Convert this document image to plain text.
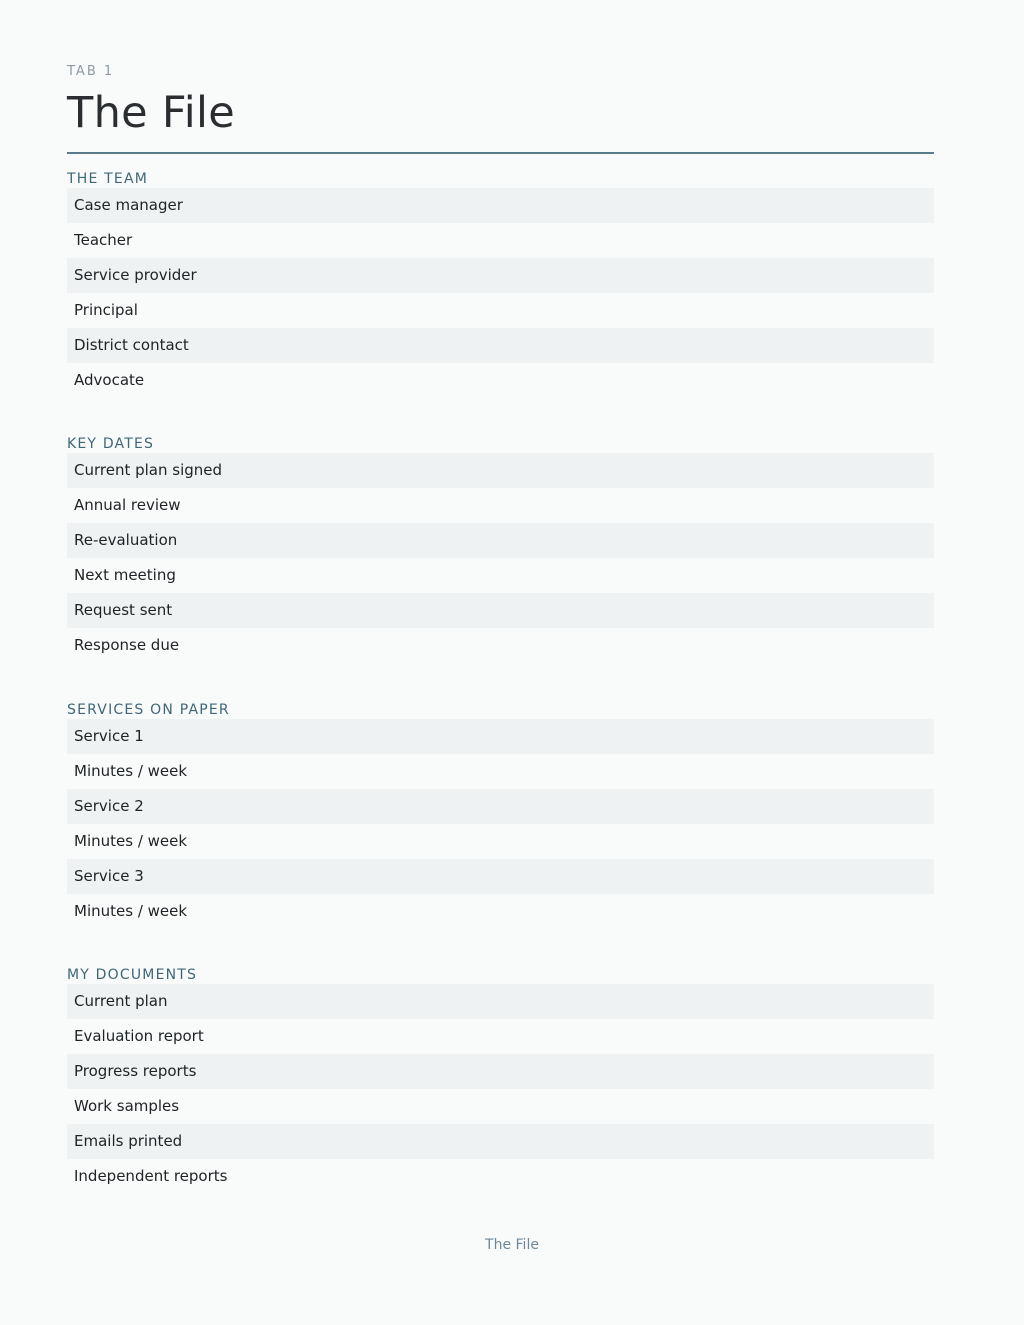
TAB 1
The File
THE TEAM
Case manager
Teacher
Service provider
Principal
District contact
Advocate
KEY DATES
Current plan signed
Annual review
Re-evaluation
Next meeting
Request sent
Response due
SERVICES ON PAPER
Service 1
Minutes / week
Service 2
Minutes / week
Service 3
Minutes / week
MY DOCUMENTS
Current plan
Evaluation report
Progress reports
Work samples
Emails printed
Independent reports
The File
